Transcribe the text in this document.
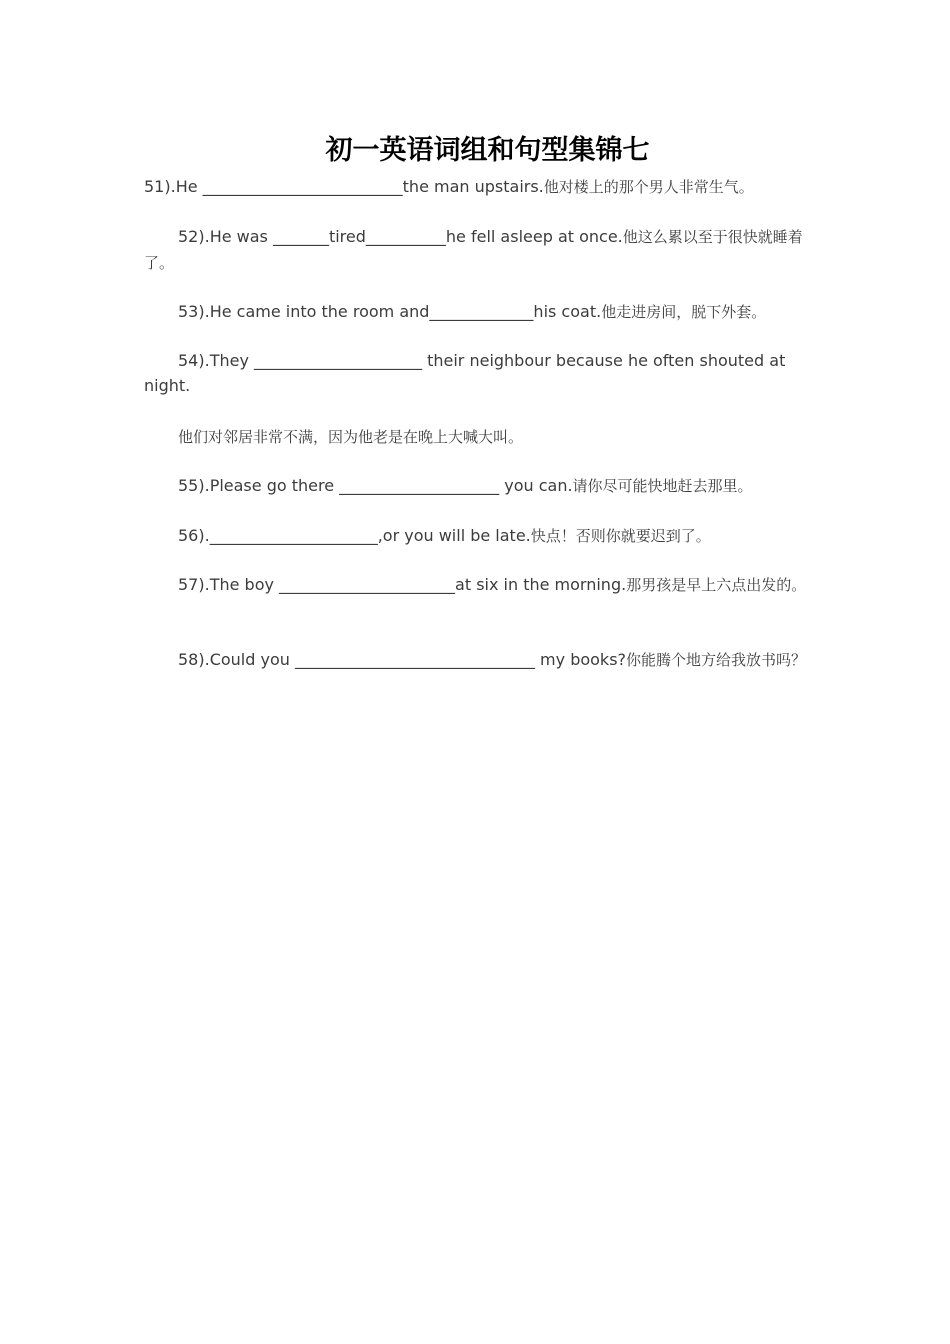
初一英语词组和句型集锦七

51).He _________________________the man upstairs.他对楼上的那个男人非常生气。

52).He was _______tired__________he fell asleep at once.他这么累以至于很快就睡着了。

53).He came into the room and_____________his coat.他走进房间，脱下外套。

54).They _____________________ their neighbour because he often shouted at night.

他们对邻居非常不满，因为他老是在晚上大喊大叫。

55).Please go there ____________________ you can.请你尽可能快地赶去那里。

56)._____________________,or you will be late.快点！否则你就要迟到了。

57).The boy ______________________at six in the morning.那男孩是早上六点出发的。

58).Could you ______________________________ my books?你能腾个地方给我放书吗？
